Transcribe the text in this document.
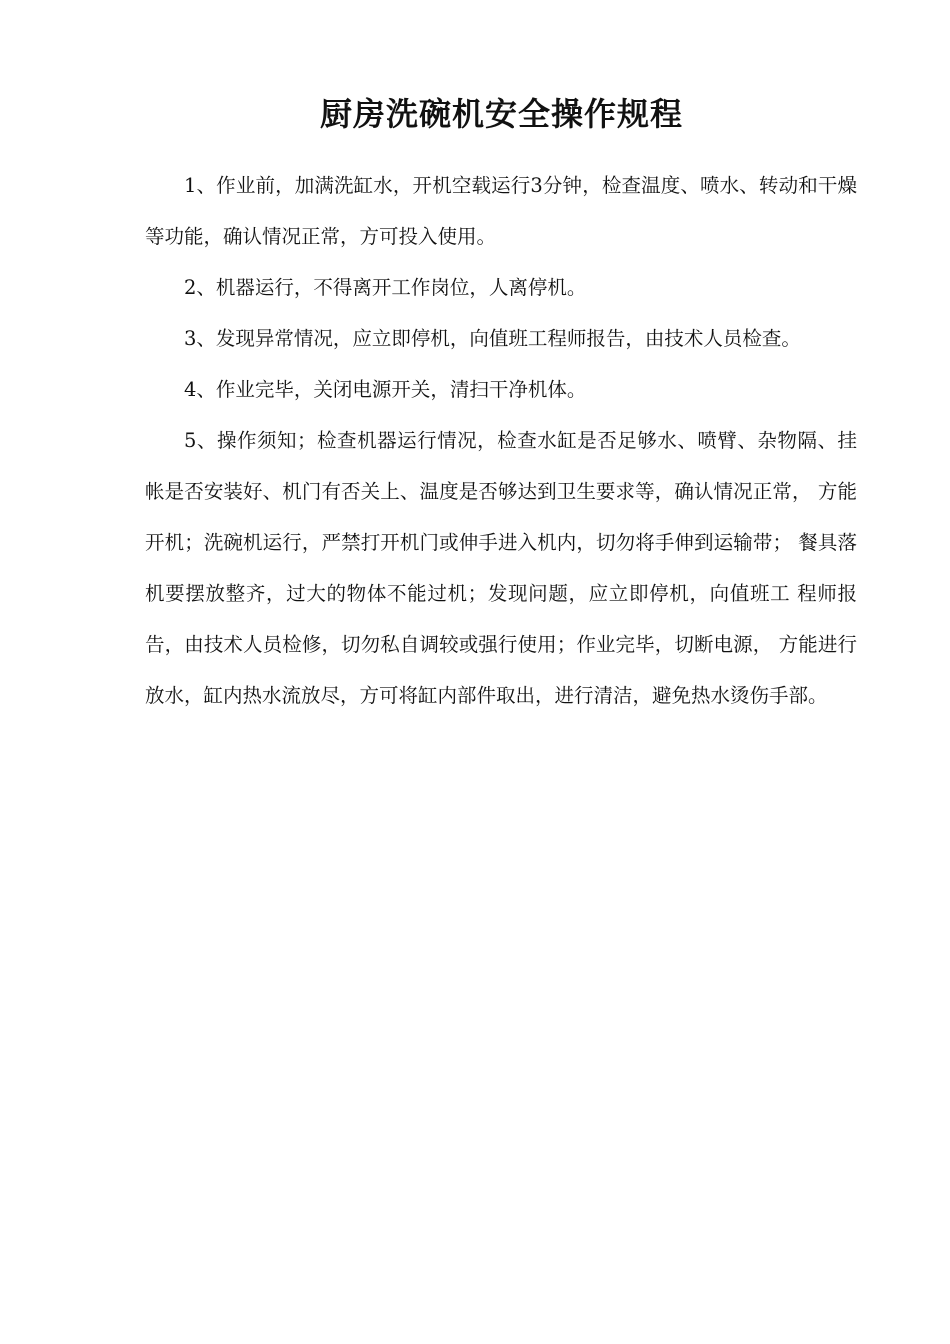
厨房洗碗机安全操作规程

1、作业前，加满洗缸水，开机空载运行3分钟，检查温度、喷水、转动和干燥等功能，确认情况正常，方可投入使用。

2、机器运行，不得离开工作岗位，人离停机。

3、发现异常情况，应立即停机，向值班工程师报告，由技术人员检查。

4、作业完毕，关闭电源开关，清扫干净机体。

5、操作须知；检查机器运行情况，检查水缸是否足够水、喷臂、杂物隔、挂帐是否安装好、机门有否关上、温度是否够达到卫生要求等，确认情况正常， 方能开机；洗碗机运行，严禁打开机门或伸手进入机内，切勿将手伸到运输带； 餐具落机要摆放整齐，过大的物体不能过机；发现问题，应立即停机，向值班工 程师报告，由技术人员检修，切勿私自调较或强行使用；作业完毕，切断电源， 方能进行放水，缸内热水流放尽，方可将缸内部件取出，进行清洁，避免热水烫伤手部。
